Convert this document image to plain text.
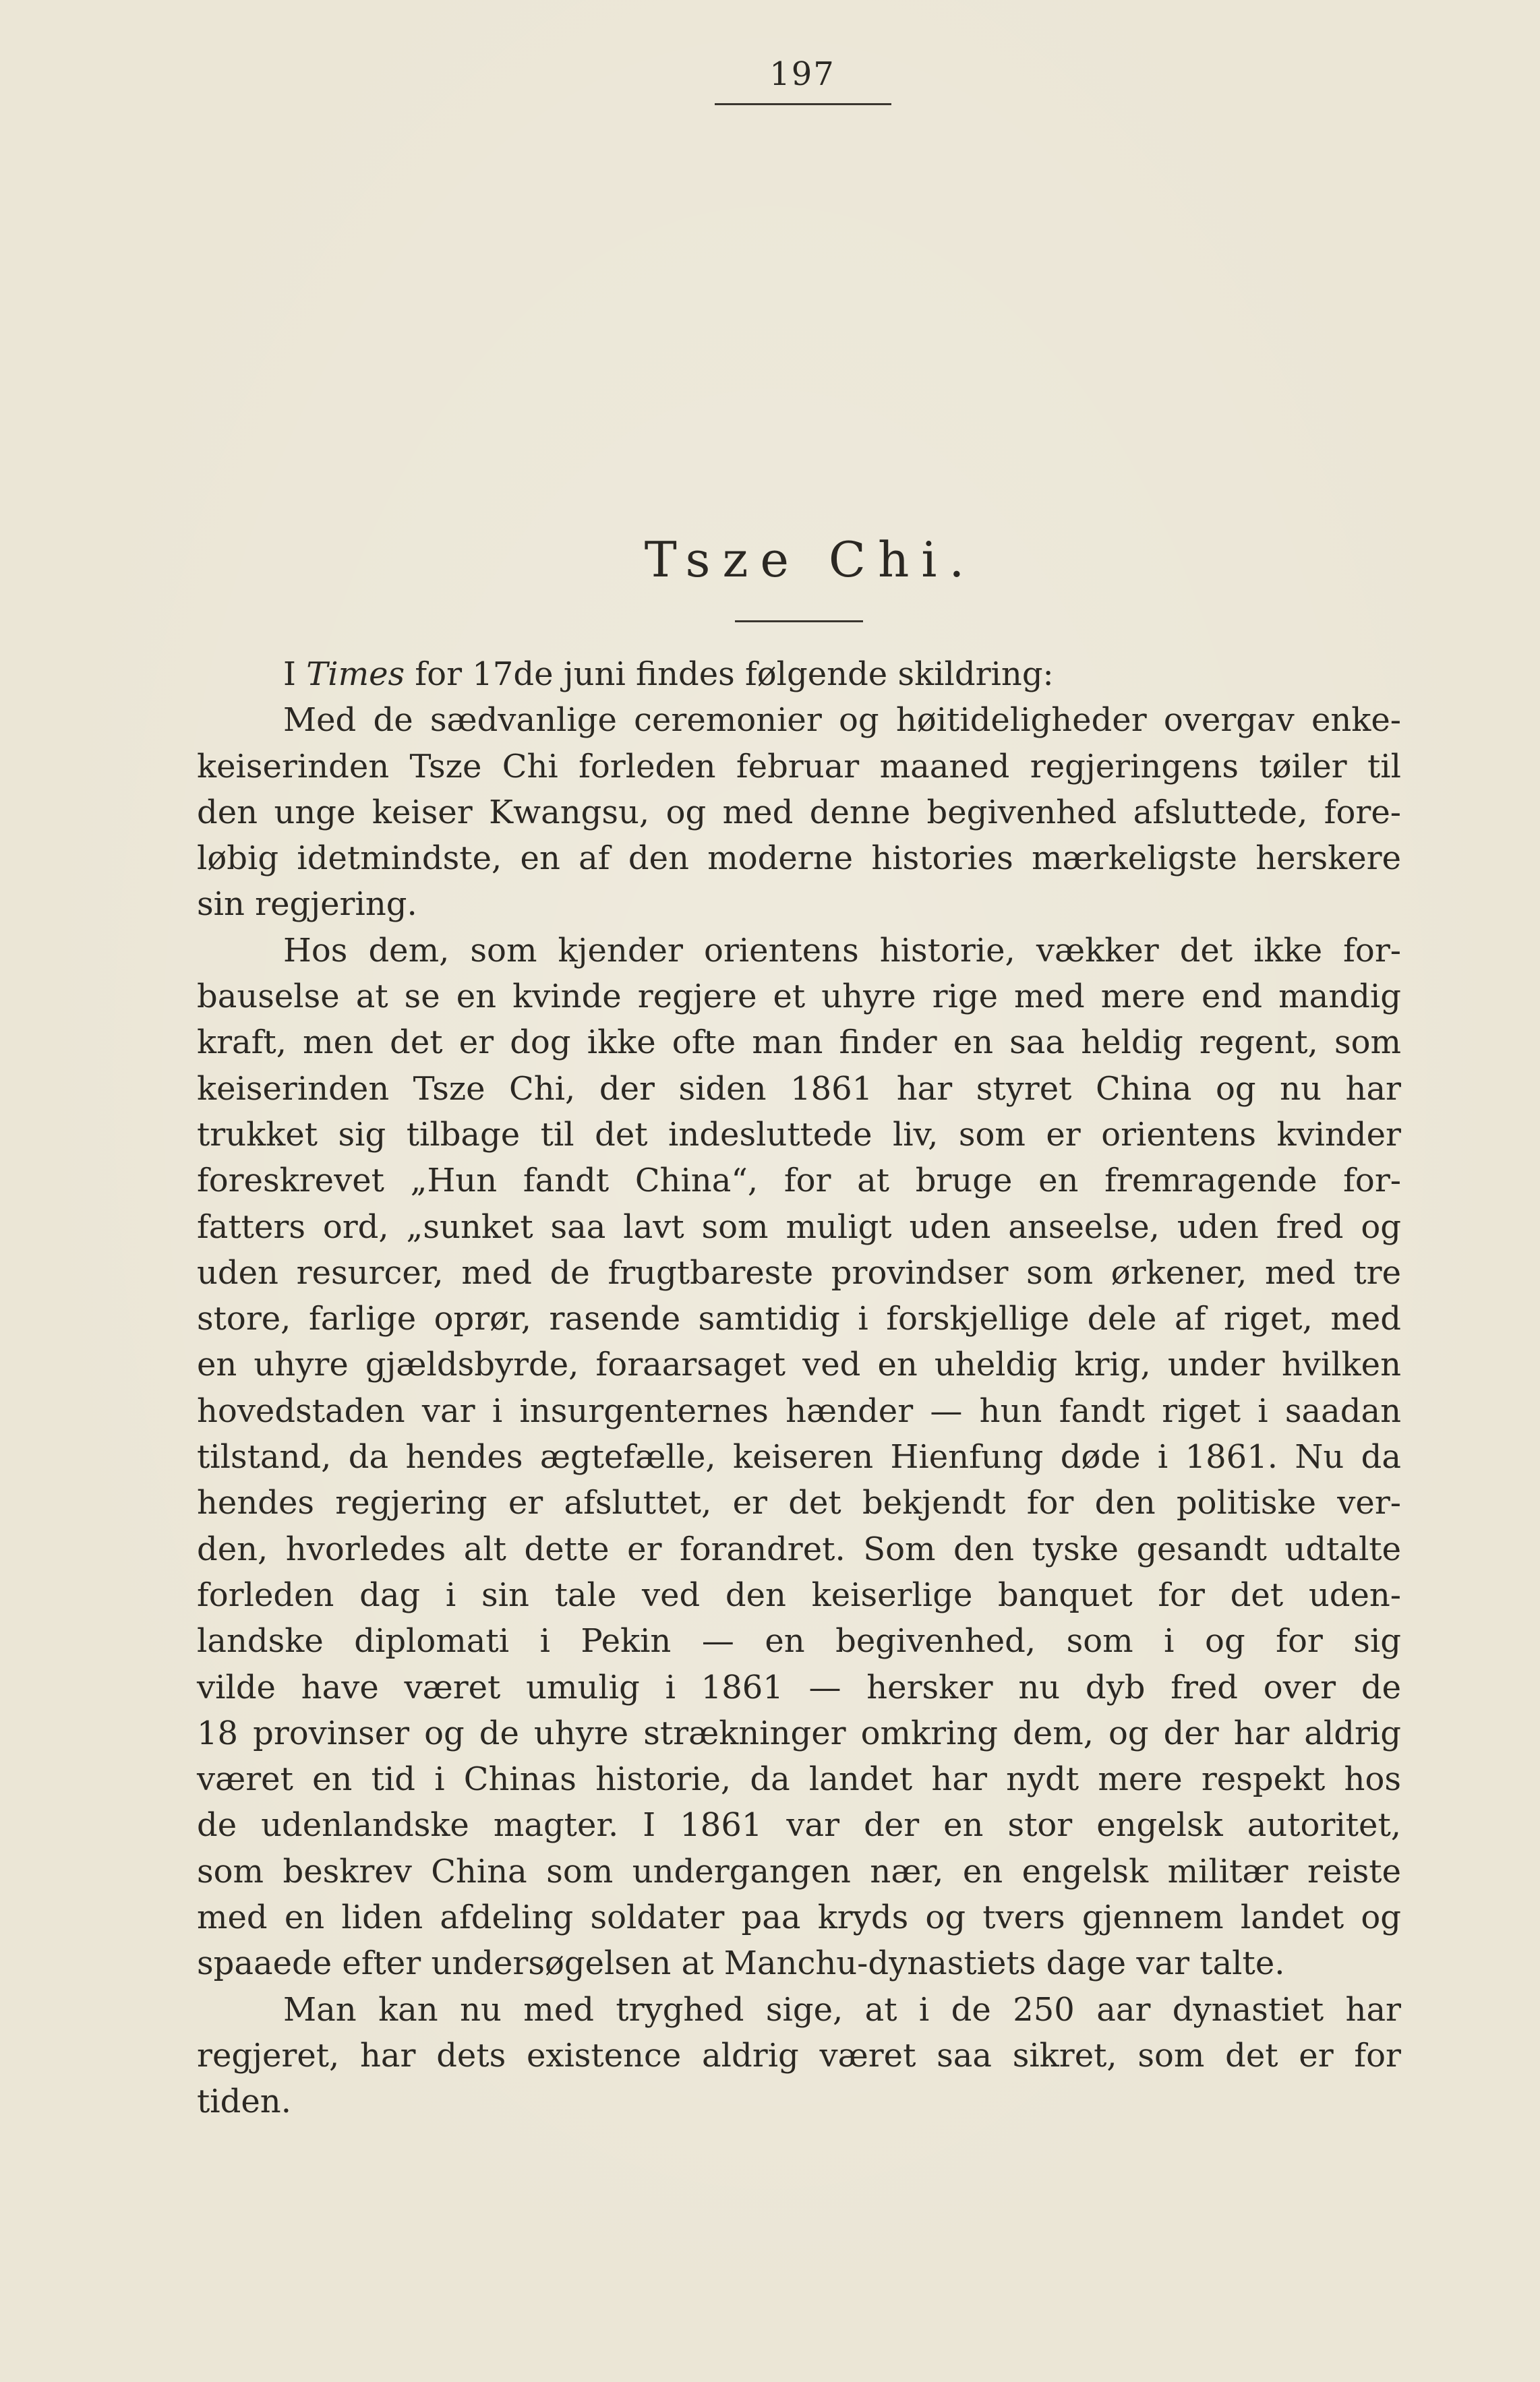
197
Tsze Chi.
I Times for 17de juni findes følgende skildring:
Med de sædvanlige ceremonier og høitideligheder overgav enke-
keiserinden Tsze Chi forleden februar maaned regjeringens tøiler til
den unge keiser Kwangsu, og med denne begivenhed afsluttede, fore-
løbig idetmindste, en af den moderne histories mærkeligste herskere
sin regjering.
Hos dem, som kjender orientens historie, vækker det ikke for-
bauselse at se en kvinde regjere et uhyre rige med mere end mandig
kraft, men det er dog ikke ofte man finder en saa heldig regent, som
keiserinden Tsze Chi, der siden 1861 har styret China og nu har
trukket sig tilbage til det indesluttede liv, som er orientens kvinder
foreskrevet „Hun fandt China“, for at bruge en fremragende for-
fatters ord, „sunket saa lavt som muligt uden anseelse, uden fred og
uden resurcer, med de frugtbareste provindser som ørkener, med tre
store, farlige oprør, rasende samtidig i forskjellige dele af riget, med
en uhyre gjældsbyrde, foraarsaget ved en uheldig krig, under hvilken
hovedstaden var i insurgenternes hænder — hun fandt riget i saadan
tilstand, da hendes ægtefælle, keiseren Hienfung døde i 1861. Nu da
hendes regjering er afsluttet, er det bekjendt for den politiske ver-
den, hvorledes alt dette er forandret. Som den tyske gesandt udtalte
forleden dag i sin tale ved den keiserlige banquet for det uden-
landske diplomati i Pekin — en begivenhed, som i og for sig
vilde have været umulig i 1861 — hersker nu dyb fred over de
18 provinser og de uhyre strækninger omkring dem, og der har aldrig
været en tid i Chinas historie, da landet har nydt mere respekt hos
de udenlandske magter. I 1861 var der en stor engelsk autoritet,
som beskrev China som undergangen nær, en engelsk militær reiste
med en liden afdeling soldater paa kryds og tvers gjennem landet og
spaaede efter undersøgelsen at Manchu-dynastiets dage var talte.
Man kan nu med tryghed sige, at i de 250 aar dynastiet har
regjeret, har dets existence aldrig været saa sikret, som det er for
tiden.
